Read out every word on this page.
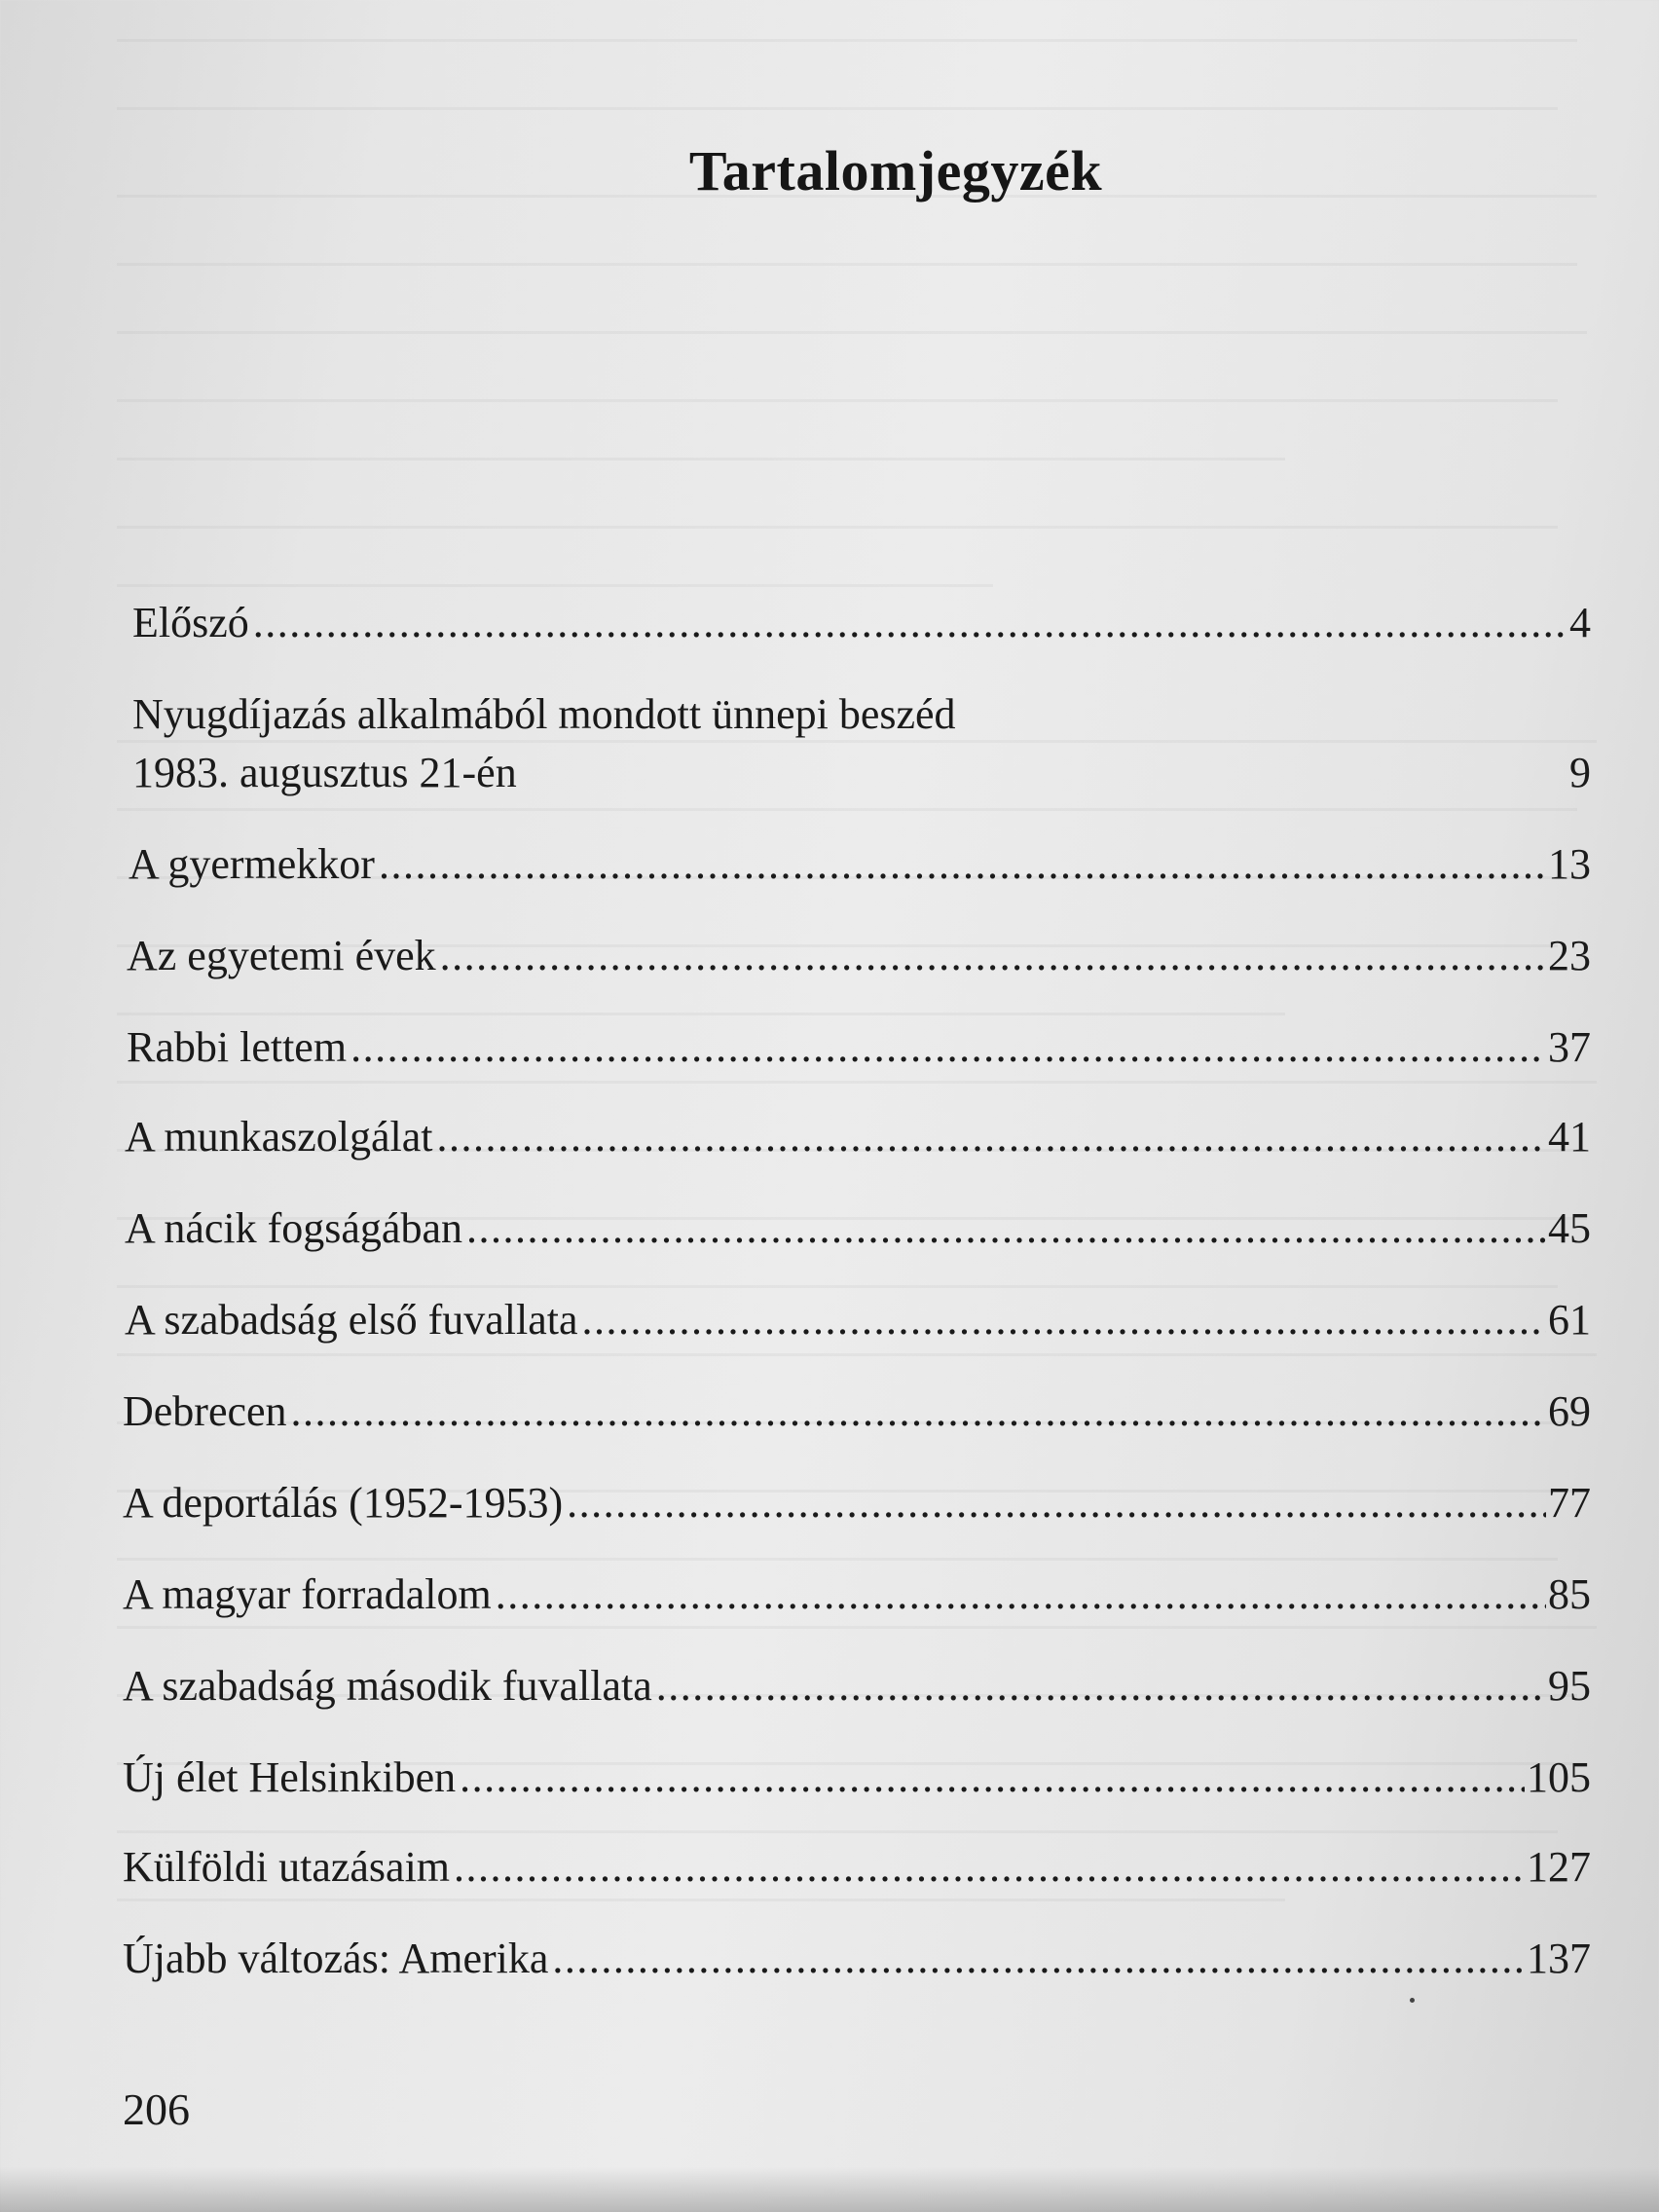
Tartalomjegyzék
Előszó .....	4
Nyugdíjazás alkalmából mondott ünnepi beszéd
1983. augusztus 21-én	9
A gyermekkor .....	13
Az egyetemi évek .....	23
Rabbi lettem .....	37
A munkaszolgálat .....	41
A nácik fogságában .....	45
A szabadság első fuvallata .....	61
Debrecen .....	69
A deportálás (1952-1953) .....	77
A magyar forradalom .....	85
A szabadság második fuvallata .....	95
Új élet Helsinkiben .....	105
Külföldi utazásaim .....	127
Újabb változás: Amerika .....	137
206
